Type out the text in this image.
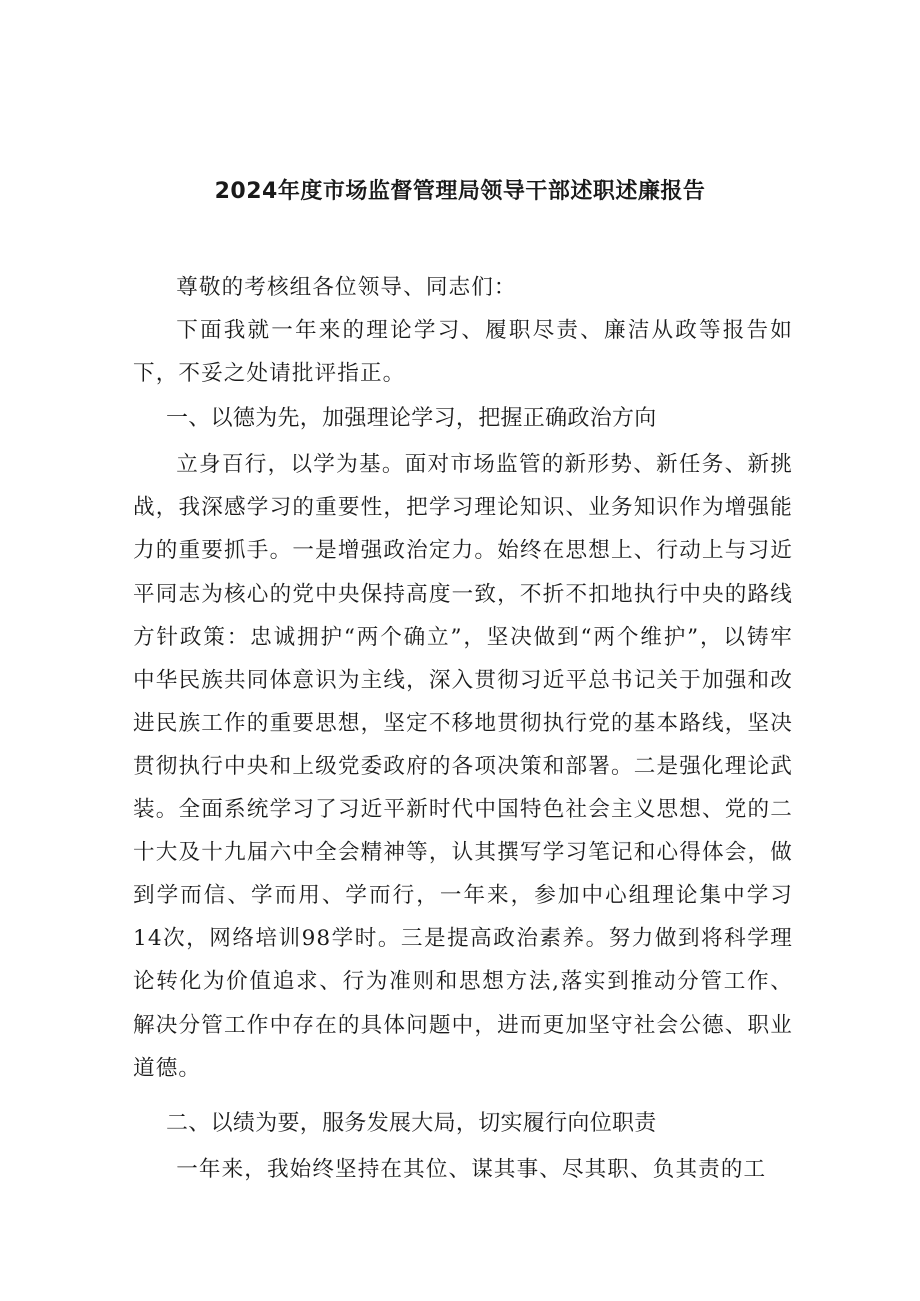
2024年度市场监督管理局领导干部述职述廉报告

尊敬的考核组各位领导、同志们：

下面我就一年来的理论学习、履职尽责、廉洁从政等报告如下，不妥之处请批评指正。

一、以德为先，加强理论学习，把握正确政治方向

立身百行，以学为基。面对市场监管的新形势、新任务、新挑战，我深感学习的重要性，把学习理论知识、业务知识作为增强能力的重要抓手。一是增强政治定力。始终在思想上、行动上与习近平同志为核心的党中央保持高度一致，不折不扣地执行中央的路线方针政策：忠诚拥护“两个确立”，坚决做到“两个维护”，以铸牢中华民族共同体意识为主线，深入贯彻习近平总书记关于加强和改进民族工作的重要思想，坚定不移地贯彻执行党的基本路线，坚决贯彻执行中央和上级党委政府的各项决策和部署。二是强化理论武装。全面系统学习了习近平新时代中国特色社会主义思想、党的二十大及十九届六中全会精神等，认其撰写学习笔记和心得体会，做到学而信、学而用、学而行，一年来，参加中心组理论集中学习14次，网络培训98学时。三是提高政治素养。努力做到将科学理论转化为价值追求、行为准则和思想方法,落实到推动分管工作、解决分管工作中存在的具体问题中，进而更加坚守社会公德、职业道德。

二、以绩为要，服务发展大局，切实履行向位职责

一年来，我始终坚持在其位、谋其事、尽其职、负其责的工
